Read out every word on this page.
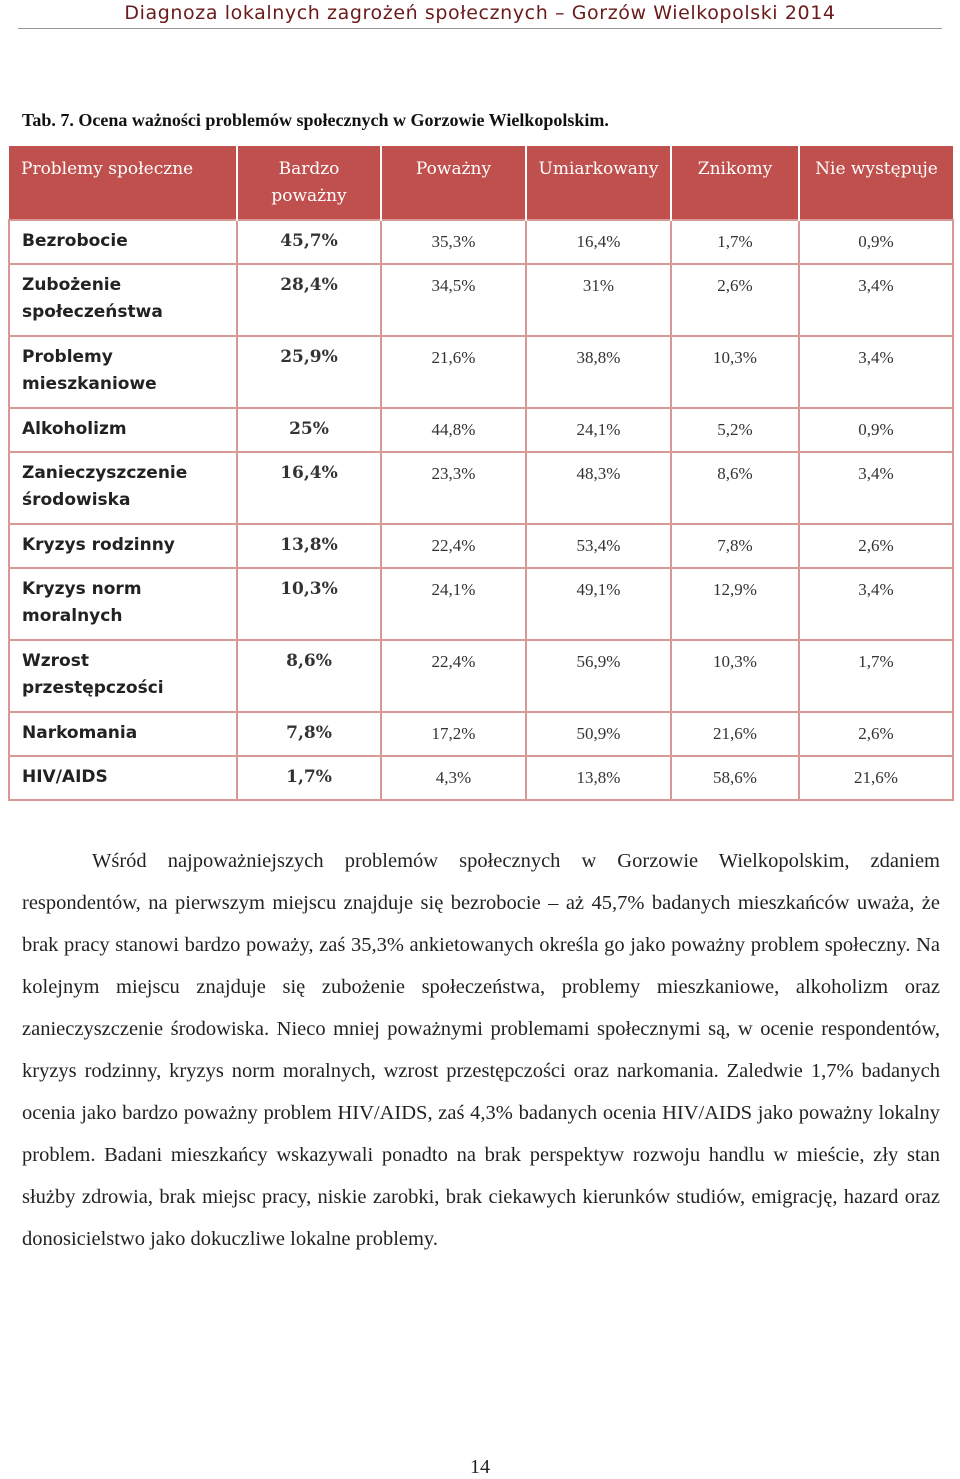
Diagnoza lokalnych zagrożeń społecznych – Gorzów Wielkopolski 2014
Tab. 7. Ocena ważności problemów społecznych w Gorzowie Wielkopolskim.
Problemy społeczne	Bardzo poważny	Poważny	Umiarkowany	Znikomy	Nie występuje
Bezrobocie	45,7%	35,3%	16,4%	1,7%	0,9%
Zubożenie społeczeństwa	28,4%	34,5%	31%	2,6%	3,4%
Problemy mieszkaniowe	25,9%	21,6%	38,8%	10,3%	3,4%
Alkoholizm	25%	44,8%	24,1%	5,2%	0,9%
Zanieczyszczenie środowiska	16,4%	23,3%	48,3%	8,6%	3,4%
Kryzys rodzinny	13,8%	22,4%	53,4%	7,8%	2,6%
Kryzys norm moralnych	10,3%	24,1%	49,1%	12,9%	3,4%
Wzrost przestępczości	8,6%	22,4%	56,9%	10,3%	1,7%
Narkomania	7,8%	17,2%	50,9%	21,6%	2,6%
HIV/AIDS	1,7%	4,3%	13,8%	58,6%	21,6%

Wśród najpoważniejszych problemów społecznych w Gorzowie Wielkopolskim, zdaniem respondentów, na pierwszym miejscu znajduje się bezrobocie – aż 45,7% badanych mieszkańców uważa, że brak pracy stanowi bardzo poważy, zaś 35,3% ankietowanych określa go jako poważny problem społeczny. Na kolejnym miejscu znajduje się zubożenie społeczeństwa, problemy mieszkaniowe, alkoholizm oraz zanieczyszczenie środowiska. Nieco mniej poważnymi problemami społecznymi są, w ocenie respondentów, kryzys rodzinny, kryzys norm moralnych, wzrost przestępczości oraz narkomania. Zaledwie 1,7% badanych ocenia jako bardzo poważny problem HIV/AIDS, zaś 4,3% badanych ocenia HIV/AIDS jako poważny lokalny problem. Badani mieszkańcy wskazywali ponadto na brak perspektyw rozwoju handlu w mieście, zły stan służby zdrowia, brak miejsc pracy, niskie zarobki, brak ciekawych kierunków studiów, emigrację, hazard oraz donosicielstwo jako dokuczliwe lokalne problemy.

14
